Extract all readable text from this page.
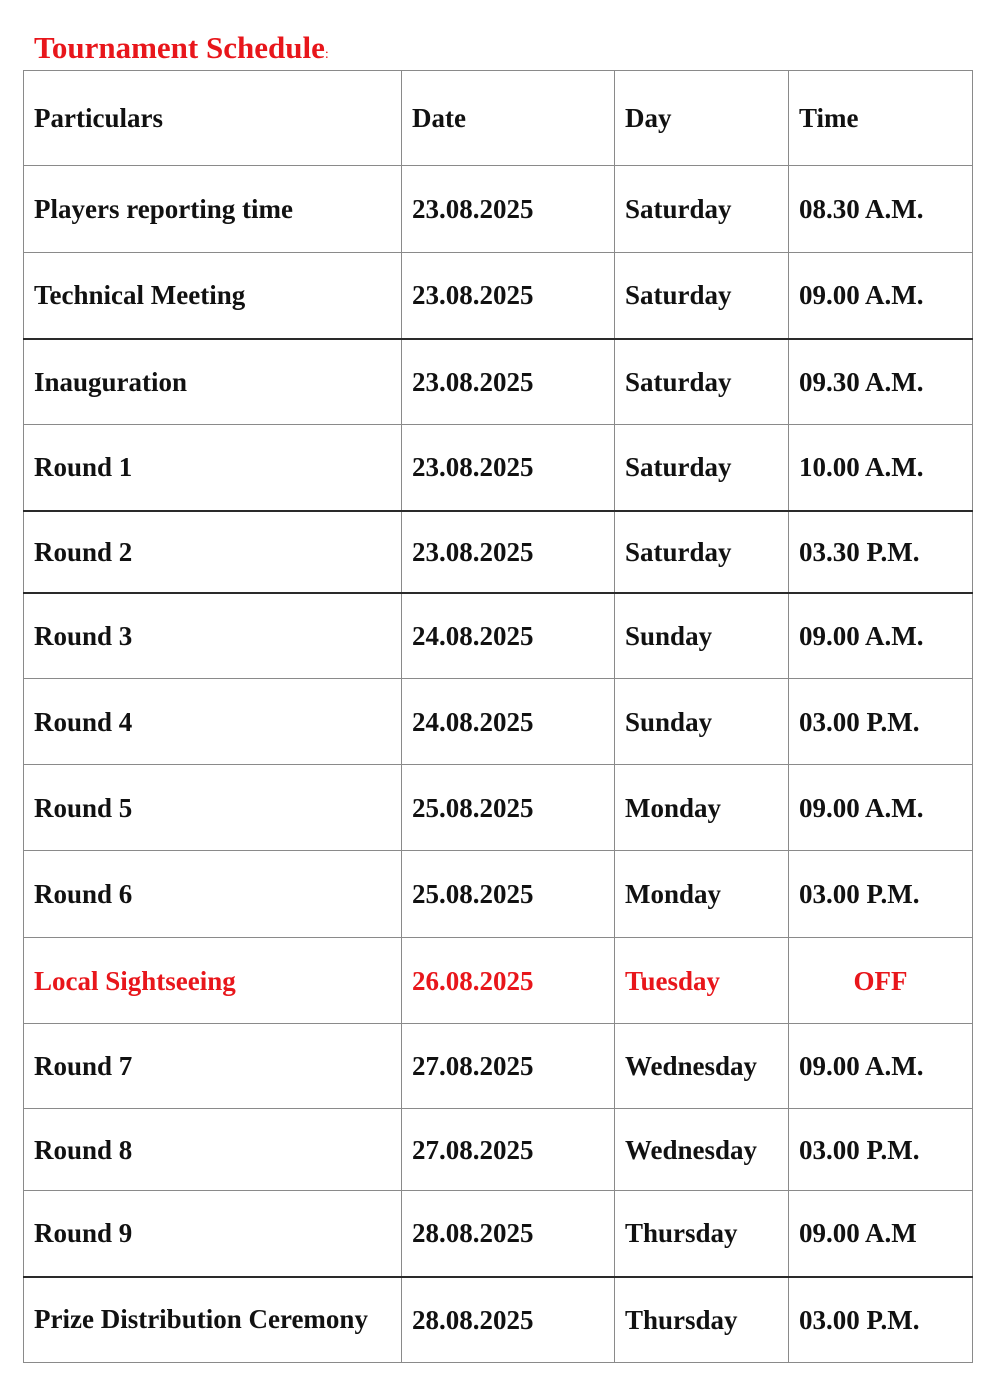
Tournament Schedule:
Particulars	Date	Day	Time
Players reporting time	23.08.2025	Saturday	08.30 A.M.
Technical Meeting	23.08.2025	Saturday	09.00 A.M.
Inauguration	23.08.2025	Saturday	09.30 A.M.
Round 1	23.08.2025	Saturday	10.00 A.M.
Round 2	23.08.2025	Saturday	03.30 P.M.
Round 3	24.08.2025	Sunday	09.00 A.M.
Round 4	24.08.2025	Sunday	03.00 P.M.
Round 5	25.08.2025	Monday	09.00 A.M.
Round 6	25.08.2025	Monday	03.00 P.M.
Local Sightseeing	26.08.2025	Tuesday	OFF
Round 7	27.08.2025	Wednesday	09.00 A.M.
Round 8	27.08.2025	Wednesday	03.00 P.M.
Round 9	28.08.2025	Thursday	09.00 A.M
Prize Distribution Ceremony	28.08.2025	Thursday	03.00 P.M.
